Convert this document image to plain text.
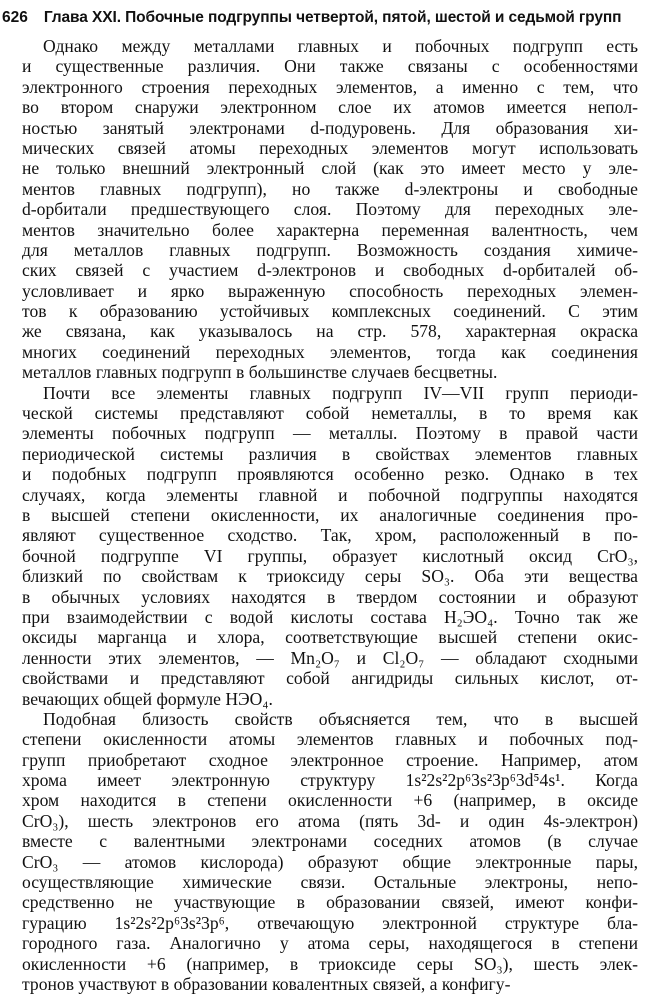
626 Глава XXI. Побочные подгруппы четвертой, пятой, шестой и седьмой групп
Однако между металлами главных и побочных подгрупп есть
и существенные различия. Они также связаны с особенностями
электронного строения переходных элементов, а именно с тем, что
во втором снаружи электронном слое их атомов имеется непол-
ностью занятый электронами d-подуровень. Для образования хи-
мических связей атомы переходных элементов могут использовать
не только внешний электронный слой (как это имеет место у эле-
ментов главных подгрупп), но также d-электроны и свободные
d-орбитали предшествующего слоя. Поэтому для переходных эле-
ментов значительно более характерна переменная валентность, чем
для металлов главных подгрупп. Возможность создания химиче-
ских связей с участием d-электронов и свободных d-орбиталей об-
условливает и ярко выраженную способность переходных элемен-
тов к образованию устойчивых комплексных соединений. С этим
же связана, как указывалось на стр. 578, характерная окраска
многих соединений переходных элементов, тогда как соединения
металлов главных подгрупп в большинстве случаев бесцветны.
Почти все элементы главных подгрупп IV—VII групп периоди-
ческой системы представляют собой неметаллы, в то время как
элементы побочных подгрупп — металлы. Поэтому в правой части
периодической системы различия в свойствах элементов главных
и подобных подгрупп проявляются особенно резко. Однако в тех
случаях, когда элементы главной и побочной подгруппы находятся
в высшей степени окисленности, их аналогичные соединения про-
являют существенное сходство. Так, хром, расположенный в по-
бочной подгруппе VI группы, образует кислотный оксид CrO₃,
близкий по свойствам к триоксиду серы SO₃. Оба эти вещества
в обычных условиях находятся в твердом состоянии и образуют
при взаимодействии с водой кислоты состава H₂ЭO₄. Точно так же
оксиды марганца и хлора, соответствующие высшей степени окис-
ленности этих элементов, — Mn₂O₇ и Cl₂O₇ — обладают сходными
свойствами и представляют собой ангидриды сильных кислот, от-
вечающих общей формуле HЭO₄.
Подобная близость свойств объясняется тем, что в высшей
степени окисленности атомы элементов главных и побочных под-
групп приобретают сходное электронное строение. Например, атом
хрома имеет электронную структуру 1s²2s²2p⁶3s²3p⁶3d⁵4s¹. Когда
хром находится в степени окисленности +6 (например, в оксиде
CrO₃), шесть электронов его атома (пять 3d- и один 4s-электрон)
вместе с валентными электронами соседних атомов (в случае
CrO₃ — атомов кислорода) образуют общие электронные пары,
осуществляющие химические связи. Остальные электроны, непо-
средственно не участвующие в образовании связей, имеют конфи-
гурацию 1s²2s²2p⁶3s²3p⁶, отвечающую электронной структуре бла-
городного газа. Аналогично у атома серы, находящегося в степени
окисленности +6 (например, в триоксиде серы SO₃), шесть элек-
тронов участвуют в образовании ковалентных связей, а конфигу-
